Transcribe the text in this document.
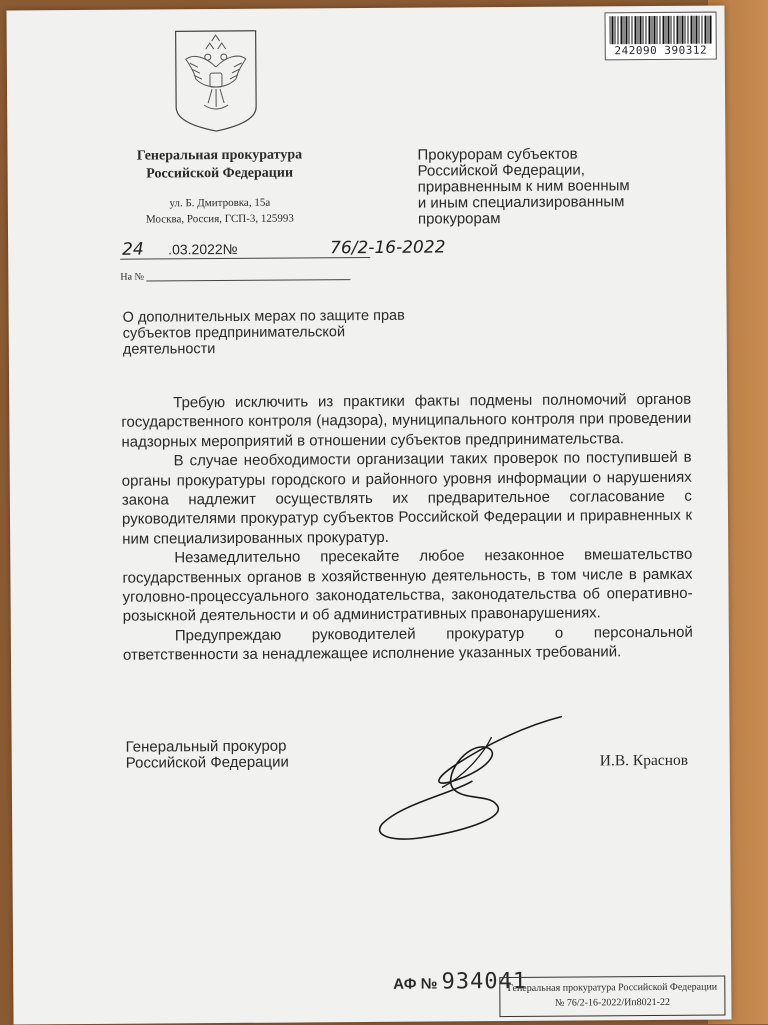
242090 390312
Генеральная прокуратура
Российской Федерации
ул. Б. Дмитровка, 15а
Москва, Россия, ГСП-3, 125993
Прокурорам субъектов
Российской Федерации,
приравненным к ним военным
и иным специализированным
прокурорам
24 .03.2022№	76/2-16-2022
На №
О дополнительных мерах по защите прав
субъектов предпринимательской
деятельности

Требую исключить из практики факты подмены полномочий органов государственного контроля (надзора), муниципального контроля при проведении надзорных мероприятий в отношении субъектов предпринимательства.

В случае необходимости организации таких проверок по поступившей в органы прокуратуры городского и районного уровня информации о нарушениях закона надлежит осуществлять их предварительное согласование с руководителями прокуратур субъектов Российской Федерации и приравненных к ним специализированных прокуратур.

Незамедлительно пресекайте любое незаконное вмешательство государственных органов в хозяйственную деятельность, в том числе в рамках уголовно-процессуального законодательства, законодательства об оперативно-розыскной деятельности и об административных правонарушениях.

Предупреждаю руководителей прокуратур о персональной ответственности за ненадлежащее исполнение указанных требований.

Генеральный прокурор
Российской Федерации	И.В. Краснов
АФ № 934041
Генеральная прокуратура Российской Федерации
№ 76/2-16-2022/Ип8021-22
